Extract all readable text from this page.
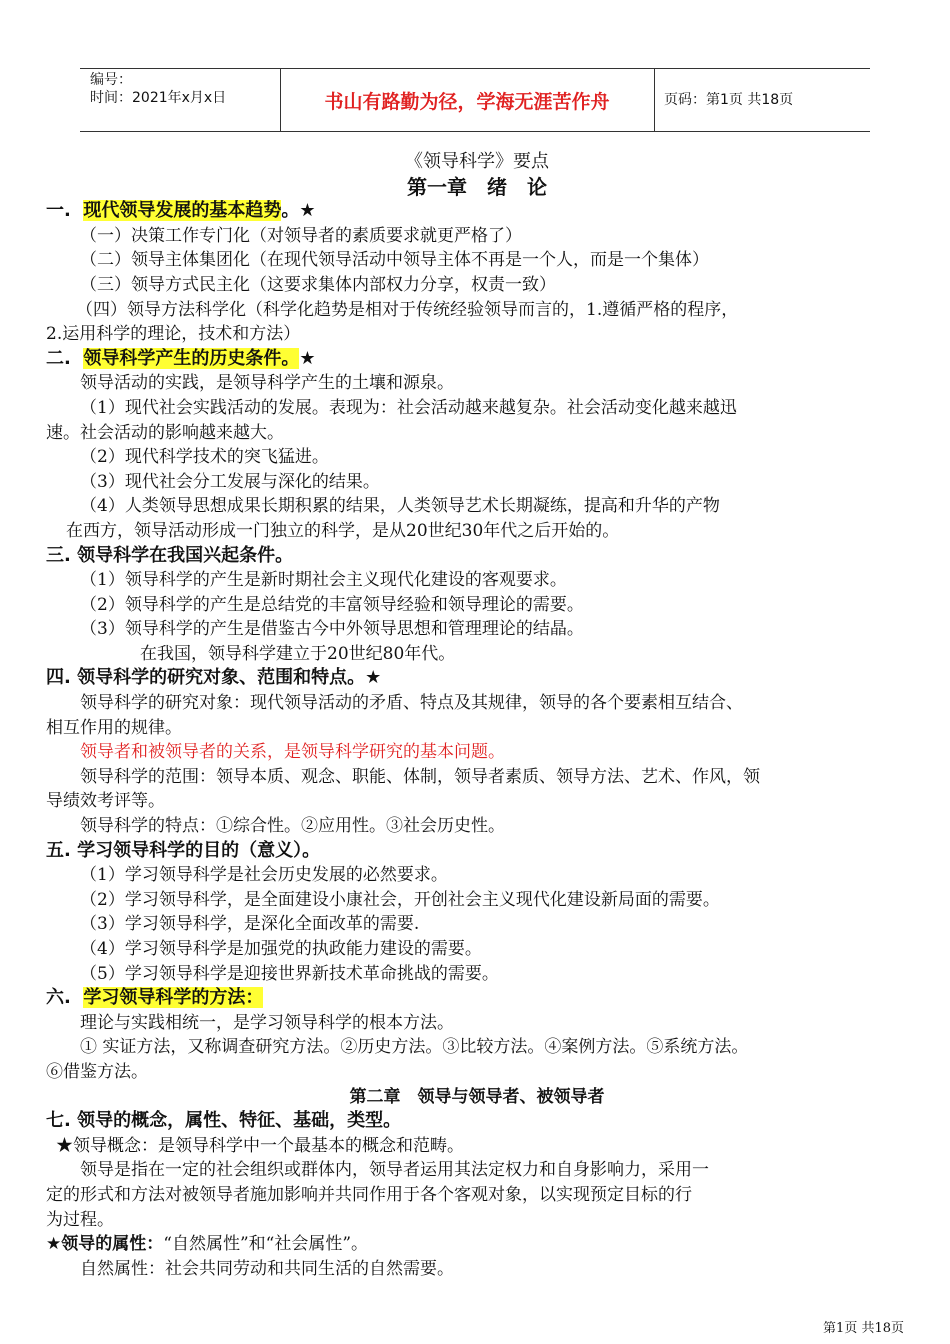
编号：
时间：2021年x月x日	书山有路勤为径，学海无涯苦作舟	页码：第1页 共18页
《领导科学》要点
第一章　绪　论
一. 现代领导发展的基本趋势。★
（一）决策工作专门化（对领导者的素质要求就更严格了）
（二）领导主体集团化（在现代领导活动中领导主体不再是一个人，而是一个集体）
（三）领导方式民主化（这要求集体内部权力分享，权责一致）
（四）领导方法科学化（科学化趋势是相对于传统经验领导而言的，1.遵循严格的程序，
2.运用科学的理论，技术和方法）
二. 领导科学产生的历史条件。★
领导活动的实践，是领导科学产生的土壤和源泉。
（1）现代社会实践活动的发展。表现为：社会活动越来越复杂。社会活动变化越来越迅
速。社会活动的影响越来越大。
（2）现代科学技术的突飞猛进。
（3）现代社会分工发展与深化的结果。
（4）人类领导思想成果长期积累的结果，人类领导艺术长期凝练，提高和升华的产物
在西方，领导活动形成一门独立的科学，是从20世纪30年代之后开始的。
三. 领导科学在我国兴起条件。
（1）领导科学的产生是新时期社会主义现代化建设的客观要求。
（2）领导科学的产生是总结党的丰富领导经验和领导理论的需要。
（3）领导科学的产生是借鉴古今中外领导思想和管理理论的结晶。
在我国，领导科学建立于20世纪80年代。
四. 领导科学的研究对象、范围和特点。★
领导科学的研究对象：现代领导活动的矛盾、特点及其规律，领导的各个要素相互结合、
相互作用的规律。
领导者和被领导者的关系，是领导科学研究的基本问题。
领导科学的范围：领导本质、观念、职能、体制，领导者素质、领导方法、艺术、作风，领
导绩效考评等。
领导科学的特点：①综合性。②应用性。③社会历史性。
五. 学习领导科学的目的（意义）。
（1）学习领导科学是社会历史发展的必然要求。
（2）学习领导科学，是全面建设小康社会，开创社会主义现代化建设新局面的需要。
（3）学习领导科学，是深化全面改革的需要.
（4）学习领导科学是加强党的执政能力建设的需要。
（5）学习领导科学是迎接世界新技术革命挑战的需要。
六. 学习领导科学的方法：
理论与实践相统一，是学习领导科学的根本方法。
① 实证方法，又称调查研究方法。②历史方法。③比较方法。④案例方法。⑤系统方法。
⑥借鉴方法。
第二章　领导与领导者、被领导者
七. 领导的概念，属性、特征、基础，类型。
★领导概念：是领导科学中一个最基本的概念和范畴。
领导是指在一定的社会组织或群体内，领导者运用其法定权力和自身影响力，采用一
定的形式和方法对被领导者施加影响并共同作用于各个客观对象，以实现预定目标的行
为过程。
★领导的属性：“自然属性”和“社会属性”。
自然属性：社会共同劳动和共同生活的自然需要。
第1页 共18页
